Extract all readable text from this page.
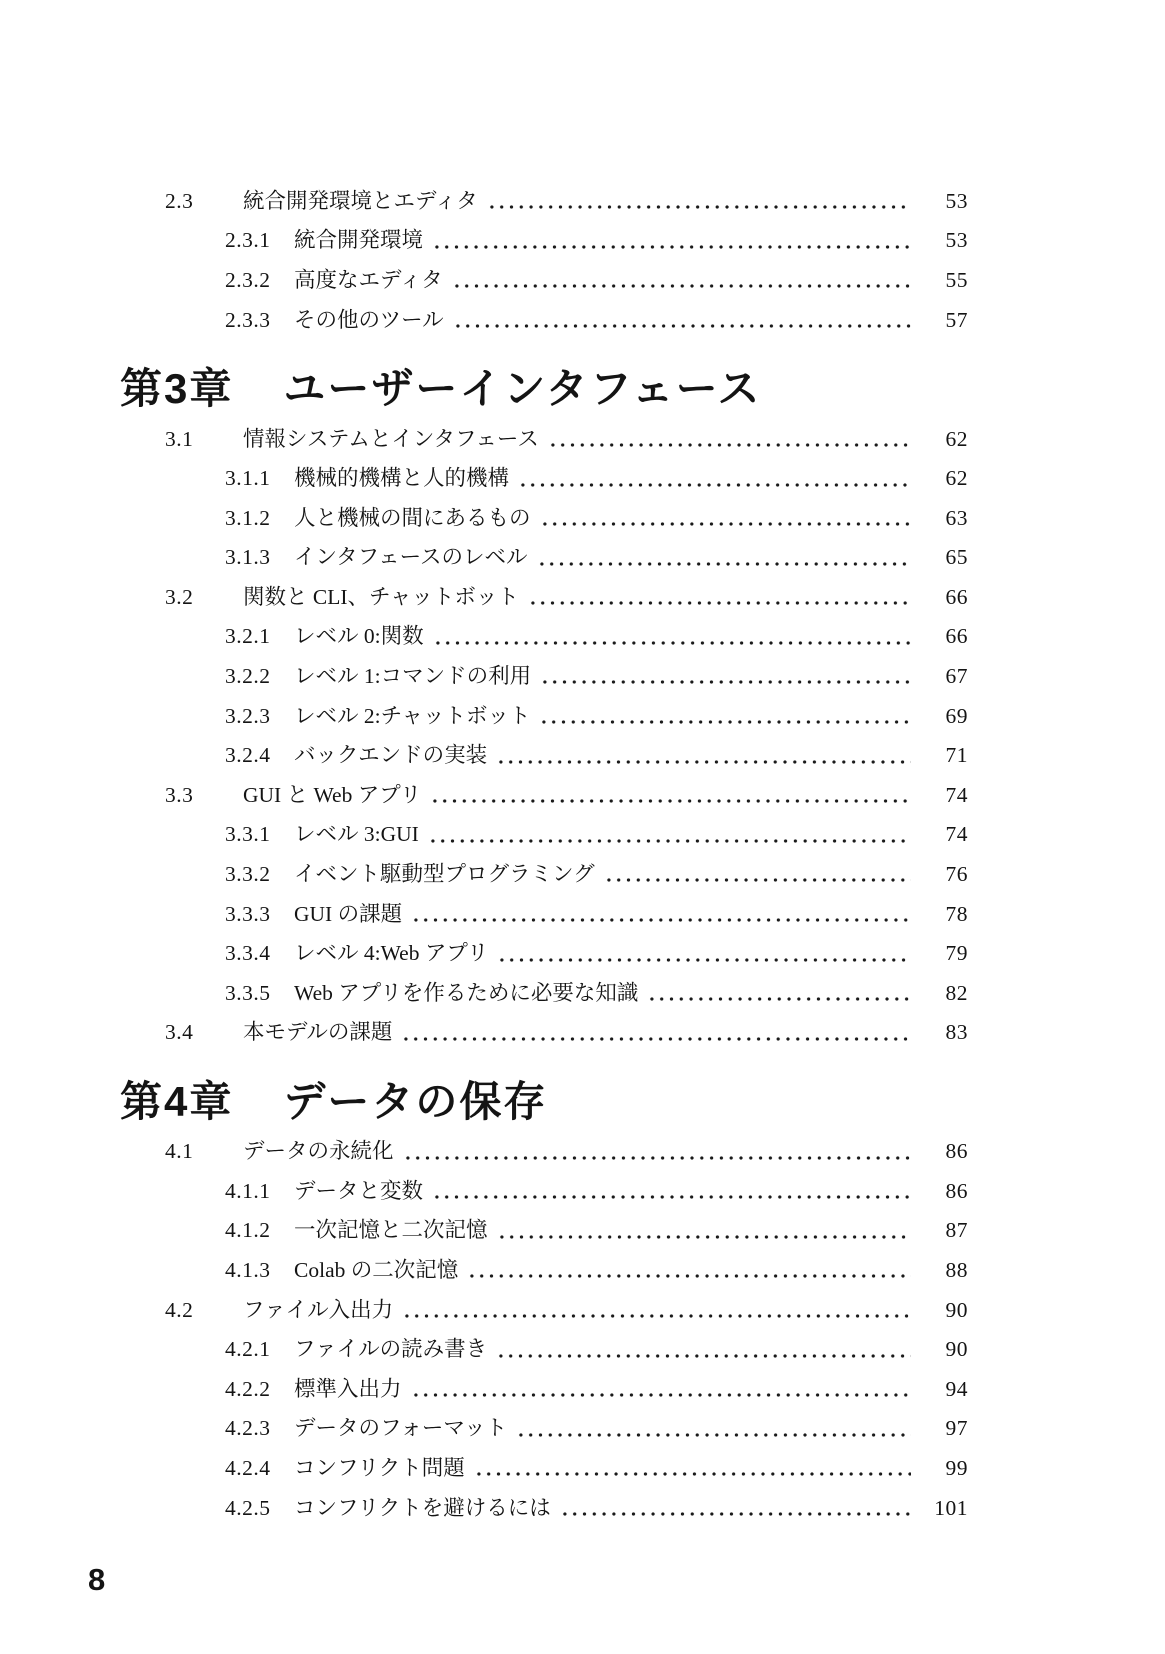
2.3	統合開発環境とエディタ	53
2.3.1	統合開発環境	53
2.3.2	高度なエディタ	55
2.3.3	その他のツール	57
第3章 ユーザーインタフェース
3.1	情報システムとインタフェース	62
3.1.1	機械的機構と人的機構	62
3.1.2	人と機械の間にあるもの	63
3.1.3	インタフェースのレベル	65
3.2	関数と CLI、チャットボット	66
3.2.1	レベル 0:関数	66
3.2.2	レベル 1:コマンドの利用	67
3.2.3	レベル 2:チャットボット	69
3.2.4	バックエンドの実装	71
3.3	GUI と Web アプリ	74
3.3.1	レベル 3:GUI	74
3.3.2	イベント駆動型プログラミング	76
3.3.3	GUI の課題	78
3.3.4	レベル 4:Web アプリ	79
3.3.5	Web アプリを作るために必要な知識	82
3.4	本モデルの課題	83
第4章 データの保存
4.1	データの永続化	86
4.1.1	データと変数	86
4.1.2	一次記憶と二次記憶	87
4.1.3	Colab の二次記憶	88
4.2	ファイル入出力	90
4.2.1	ファイルの読み書き	90
4.2.2	標準入出力	94
4.2.3	データのフォーマット	97
4.2.4	コンフリクト問題	99
4.2.5	コンフリクトを避けるには	101
8
